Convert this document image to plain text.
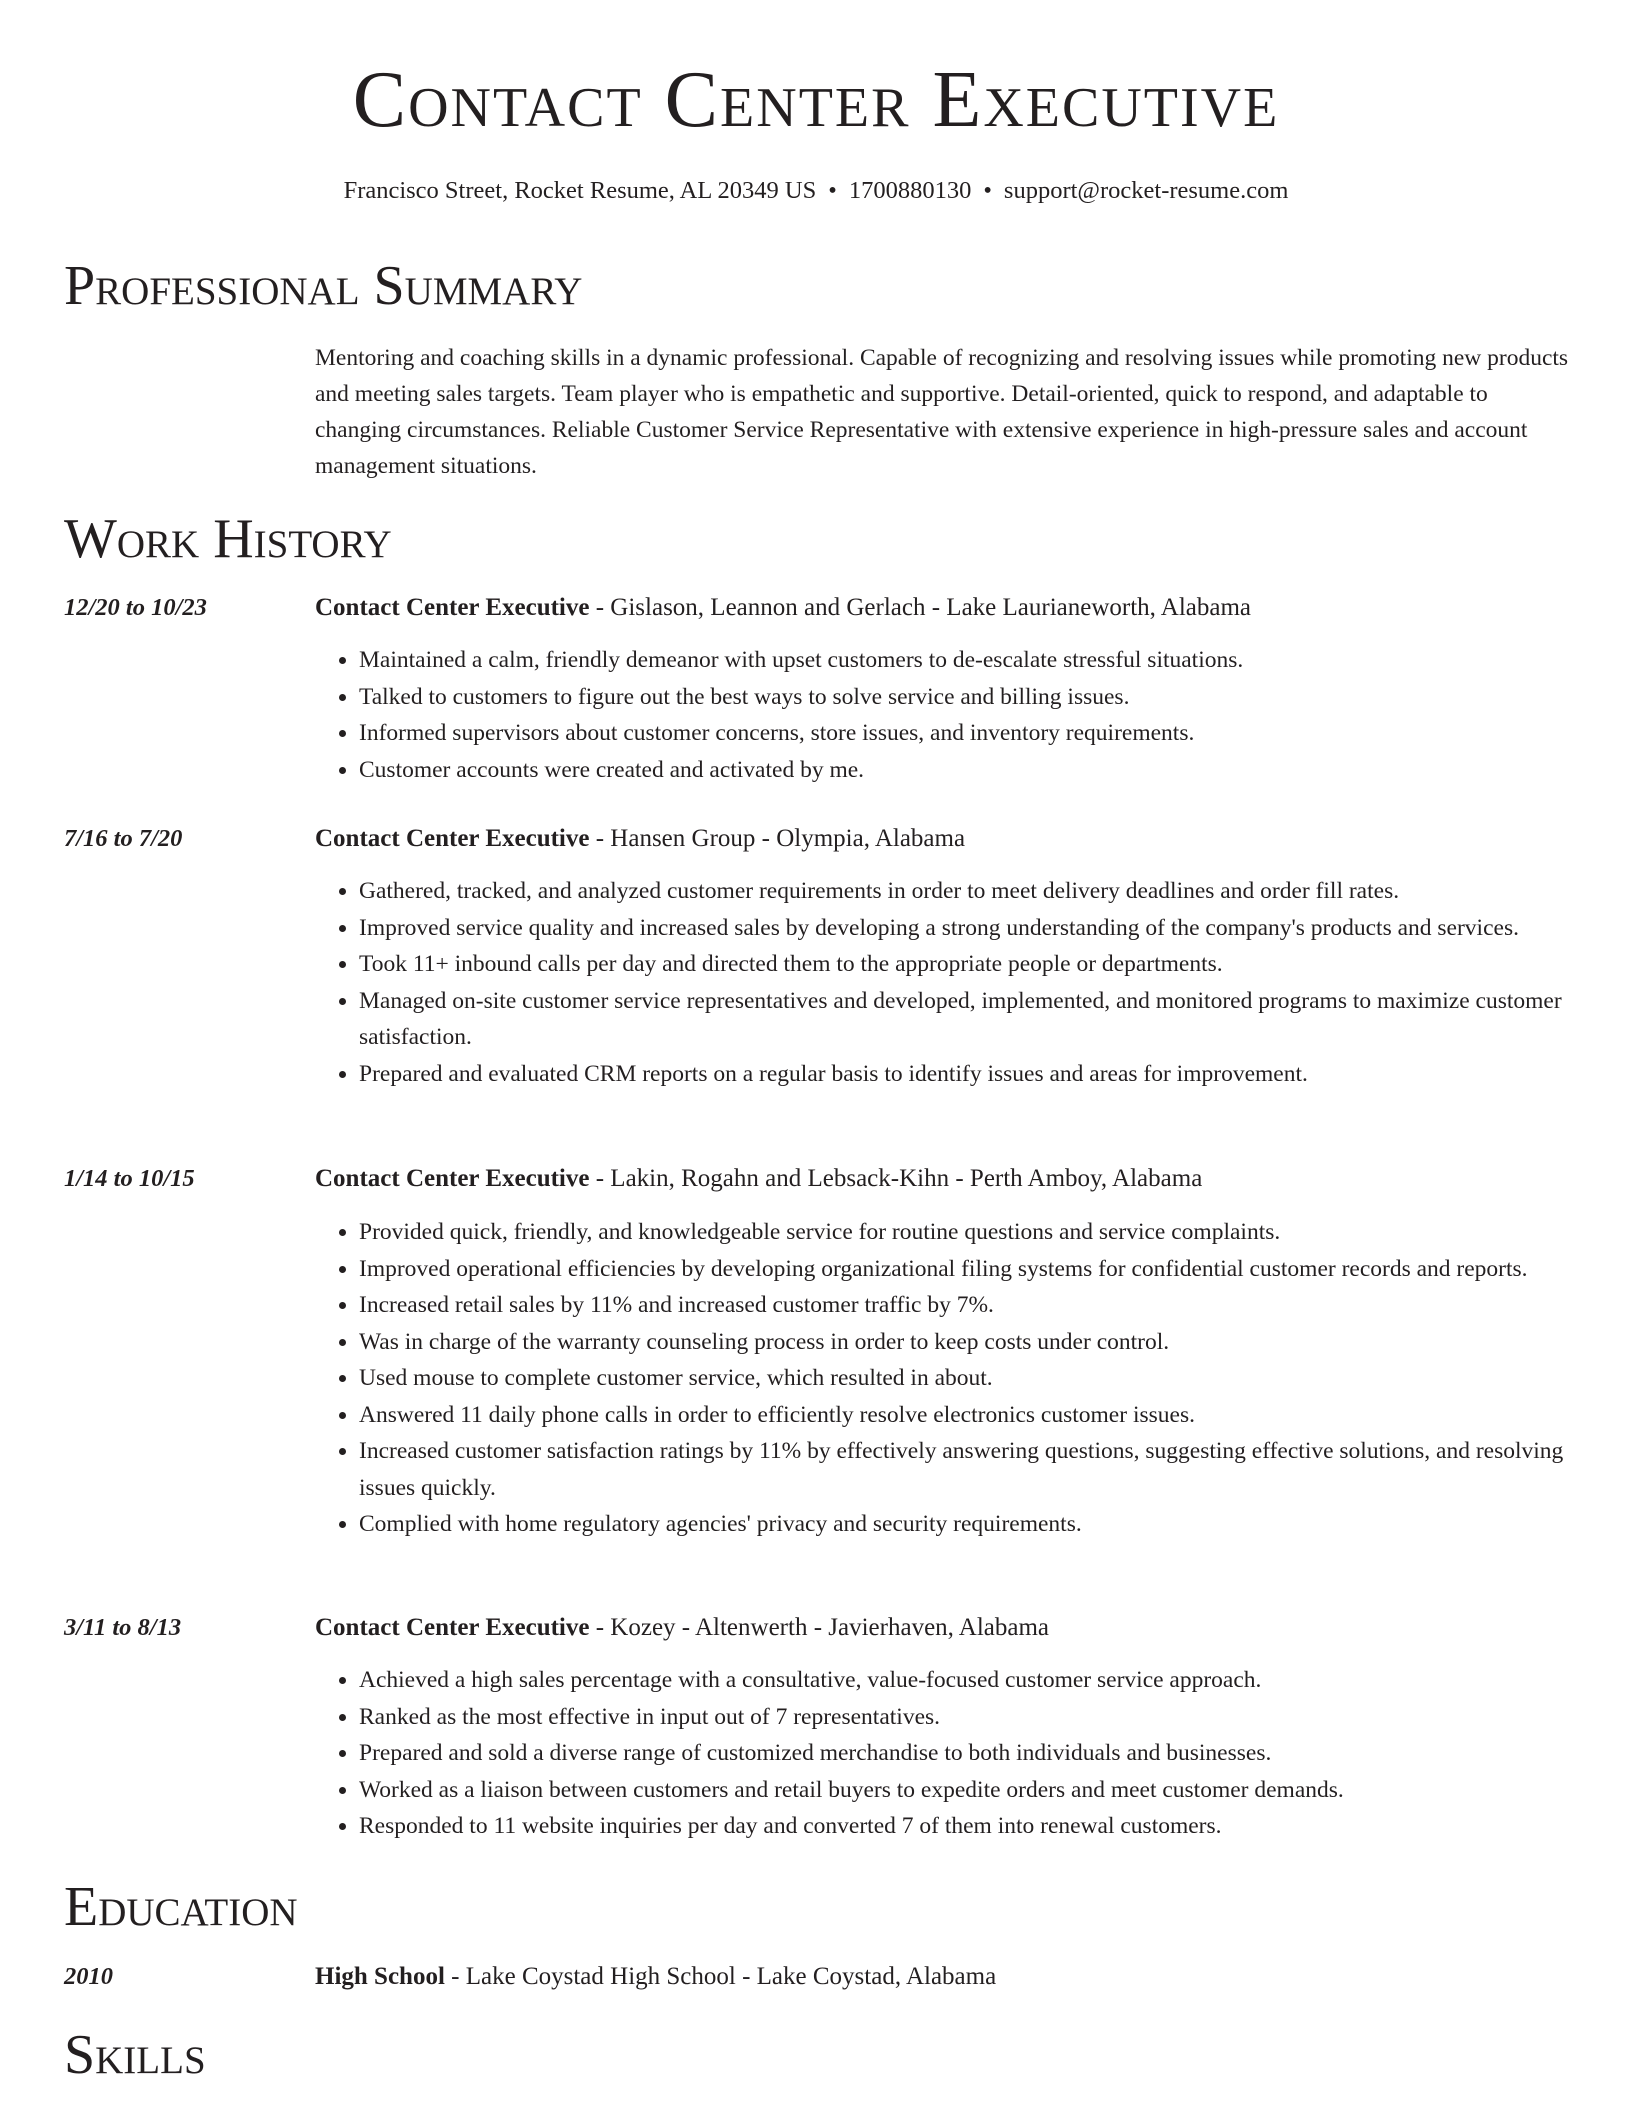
Contact Center Executive
Francisco Street, Rocket Resume, AL 20349 US • 1700880130 • support@rocket-resume.com
Professional Summary

Mentoring and coaching skills in a dynamic professional. Capable of recognizing and resolving issues while promoting new products and meeting sales targets. Team player who is empathetic and supportive. Detail-oriented, quick to respond, and adaptable to changing circumstances. Reliable Customer Service Representative with extensive experience in high-pressure sales and account management situations.

Work History
12/20 to 10/23	Contact Center Executive - Gislason, Leannon and Gerlach - Lake Laurianeworth, Alabama
• Maintained a calm, friendly demeanor with upset customers to de-escalate stressful situations.
• Talked to customers to figure out the best ways to solve service and billing issues.
• Informed supervisors about customer concerns, store issues, and inventory requirements.
• Customer accounts were created and activated by me.
7/16 to 7/20	Contact Center Executive - Hansen Group - Olympia, Alabama
• Gathered, tracked, and analyzed customer requirements in order to meet delivery deadlines and order fill rates.
• Improved service quality and increased sales by developing a strong understanding of the company's products and services.
• Took 11+ inbound calls per day and directed them to the appropriate people or departments.
• Managed on-site customer service representatives and developed, implemented, and monitored programs to maximize customer satisfaction.
• Prepared and evaluated CRM reports on a regular basis to identify issues and areas for improvement.
1/14 to 10/15	Contact Center Executive - Lakin, Rogahn and Lebsack-Kihn - Perth Amboy, Alabama
• Provided quick, friendly, and knowledgeable service for routine questions and service complaints.
• Improved operational efficiencies by developing organizational filing systems for confidential customer records and reports.
• Increased retail sales by 11% and increased customer traffic by 7%.
• Was in charge of the warranty counseling process in order to keep costs under control.
• Used mouse to complete customer service, which resulted in about.
• Answered 11 daily phone calls in order to efficiently resolve electronics customer issues.
• Increased customer satisfaction ratings by 11% by effectively answering questions, suggesting effective solutions, and resolving issues quickly.
• Complied with home regulatory agencies' privacy and security requirements.
3/11 to 8/13	Contact Center Executive - Kozey - Altenwerth - Javierhaven, Alabama
• Achieved a high sales percentage with a consultative, value-focused customer service approach.
• Ranked as the most effective in input out of 7 representatives.
• Prepared and sold a diverse range of customized merchandise to both individuals and businesses.
• Worked as a liaison between customers and retail buyers to expedite orders and meet customer demands.
• Responded to 11 website inquiries per day and converted 7 of them into renewal customers.
Education
2010	High School - Lake Coystad High School - Lake Coystad, Alabama
Skills
